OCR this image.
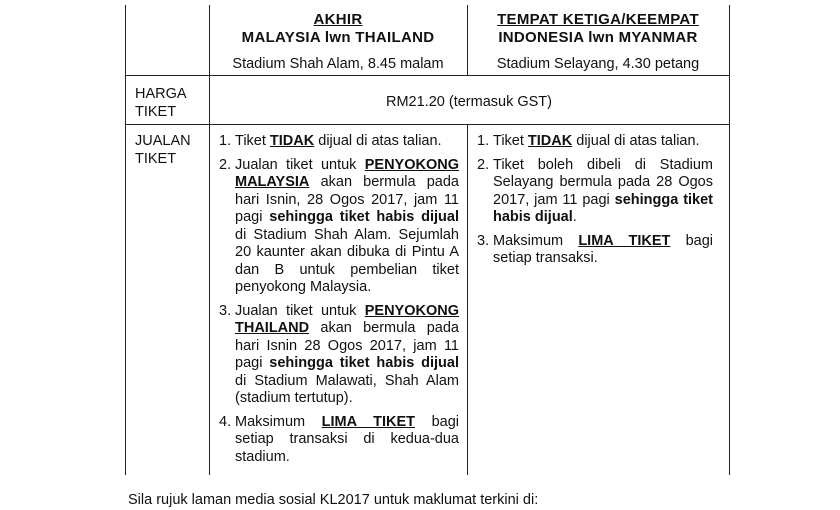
AKHIR
MALAYSIA lwn THAILAND
Stadium Shah Alam, 8.45 malam
TEMPAT KETIGA/KEEMPAT
INDONESIA lwn MYANMAR
Stadium Selayang, 4.30 petang
HARGA
TIKET
RM21.20 (termasuk GST)
JUALAN
TIKET
1. Tiket TIDAK dijual di atas talian.
2. Jualan tiket untuk PENYOKONG MALAYSIA akan bermula pada hari Isnin, 28 Ogos 2017, jam 11 pagi sehingga tiket habis dijual di Stadium Shah Alam. Sejumlah 20 kaunter akan dibuka di Pintu A dan B untuk pembelian tiket penyokong Malaysia.
3. Jualan tiket untuk PENYOKONG THAILAND akan bermula pada hari Isnin 28 Ogos 2017, jam 11 pagi sehingga tiket habis dijual di Stadium Malawati, Shah Alam (stadium tertutup).
4. Maksimum LIMA TIKET bagi setiap transaksi di kedua-dua stadium.
1. Tiket TIDAK dijual di atas talian.
2. Tiket boleh dibeli di Stadium Selayang bermula pada 28 Ogos 2017, jam 11 pagi sehingga tiket habis dijual.
3. Maksimum LIMA TIKET bagi setiap transaksi.
Sila rujuk laman media sosial KL2017 untuk maklumat terkini di:
